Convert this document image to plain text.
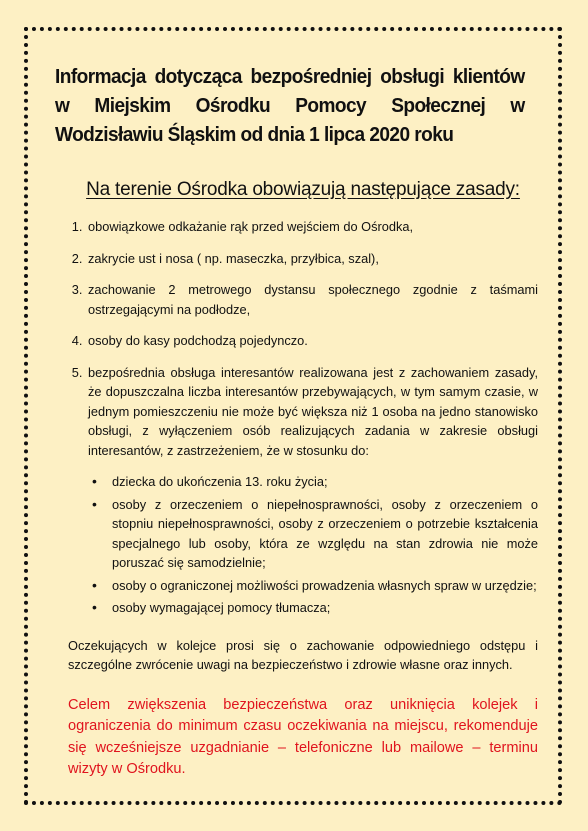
Informacja dotycząca bezpośredniej obsługi klientów w Miejskim Ośrodku Pomocy Społecznej w Wodzisławiu Śląskim od dnia 1 lipca 2020 roku
Na terenie Ośrodka obowiązują następujące zasady:
1. obowiązkowe odkażanie rąk przed wejściem do Ośrodka,
2. zakrycie ust i nosa ( np. maseczka, przyłbica, szal),
3. zachowanie 2 metrowego dystansu społecznego zgodnie z taśmami ostrzegającymi na podłodze,
4. osoby do kasy podchodzą pojedynczo.
5. bezpośrednia obsługa interesantów realizowana jest z zachowaniem zasady, że dopuszczalna liczba interesantów przebywających, w tym samym czasie, w jednym pomieszczeniu nie może być większa niż 1 osoba na jedno stanowisko obsługi, z wyłączeniem osób realizujących zadania w zakresie obsługi interesantów, z zastrzeżeniem, że w stosunku do:
• dziecka do ukończenia 13. roku życia;
• osoby z orzeczeniem o niepełnosprawności, osoby z orzeczeniem o stopniu niepełnosprawności, osoby z orzeczeniem o potrzebie kształcenia specjalnego lub osoby, która ze względu na stan zdrowia nie może poruszać się samodzielnie;
• osoby o ograniczonej możliwości prowadzenia własnych spraw w urzędzie;
• osoby wymagającej pomocy tłumacza;

Oczekujących w kolejce prosi się o zachowanie odpowiedniego odstępu i szczególne zwrócenie uwagi na bezpieczeństwo i zdrowie własne oraz innych.

Celem zwiększenia bezpieczeństwa oraz uniknięcia kolejek i ograniczenia do minimum czasu oczekiwania na miejscu, rekomenduje się wcześniejsze uzgadnianie – telefoniczne lub mailowe – terminu wizyty w Ośrodku.
